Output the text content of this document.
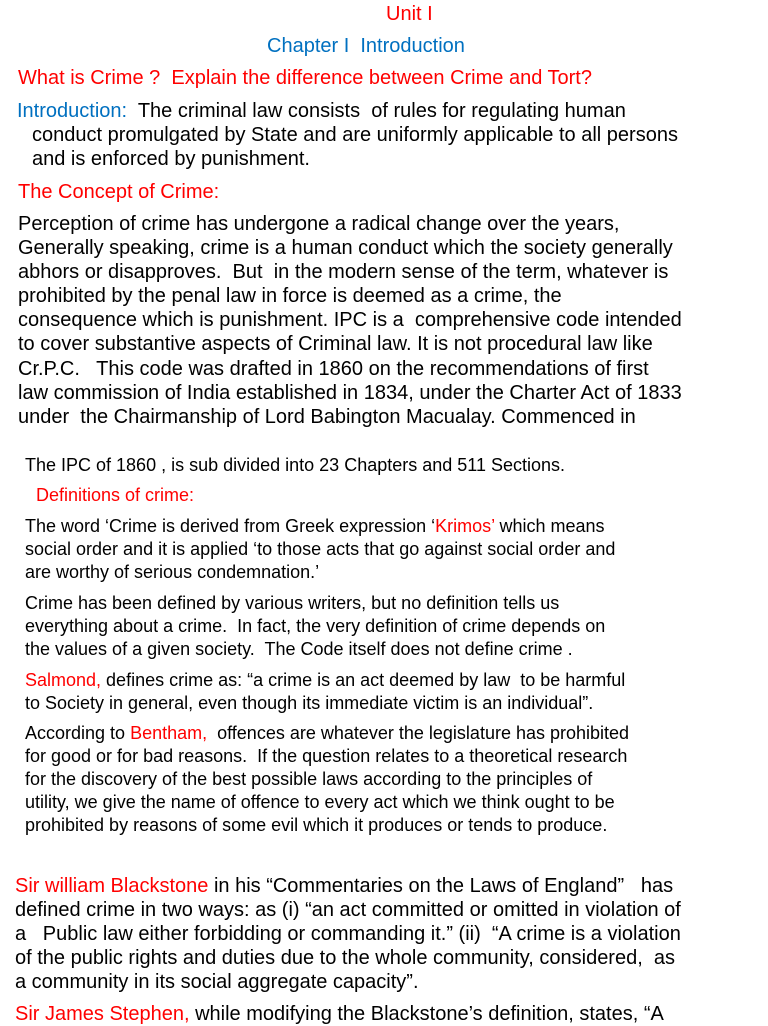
Unit I
Chapter I  Introduction
What is Crime ?  Explain the difference between Crime and Tort?
Introduction:  The criminal law consists  of rules for regulating human
conduct promulgated by State and are uniformly applicable to all persons
and is enforced by punishment.
The Concept of Crime:
Perception of crime has undergone a radical change over the years,
Generally speaking, crime is a human conduct which the society generally
abhors or disapproves.  But  in the modern sense of the term, whatever is
prohibited by the penal law in force is deemed as a crime, the
consequence which is punishment. IPC is a  comprehensive code intended
to cover substantive aspects of Criminal law. It is not procedural law like
Cr.P.C.   This code was drafted in 1860 on the recommendations of first
law commission of India established in 1834, under the Charter Act of 1833
under  the Chairmanship of Lord Babington Macualay. Commenced in
The IPC of 1860 , is sub divided into 23 Chapters and 511 Sections.
Definitions of crime:
The word ‘Crime is derived from Greek expression ‘Krimos’ which means
social order and it is applied ‘to those acts that go against social order and
are worthy of serious condemnation.’
Crime has been defined by various writers, but no definition tells us
everything about a crime.  In fact, the very definition of crime depends on
the values of a given society.  The Code itself does not define crime .
Salmond, defines crime as: “a crime is an act deemed by law  to be harmful
to Society in general, even though its immediate victim is an individual”.
According to Bentham,  offences are whatever the legislature has prohibited
for good or for bad reasons.  If the question relates to a theoretical research
for the discovery of the best possible laws according to the principles of
utility, we give the name of offence to every act which we think ought to be
prohibited by reasons of some evil which it produces or tends to produce.
Sir william Blackstone in his “Commentaries on the Laws of England”   has
defined crime in two ways: as (i) “an act committed or omitted in violation of
a   Public law either forbidding or commanding it.” (ii)  “A crime is a violation
of the public rights and duties due to the whole community, considered,  as
a community in its social aggregate capacity”.
Sir James Stephen, while modifying the Blackstone’s definition, states, “A
